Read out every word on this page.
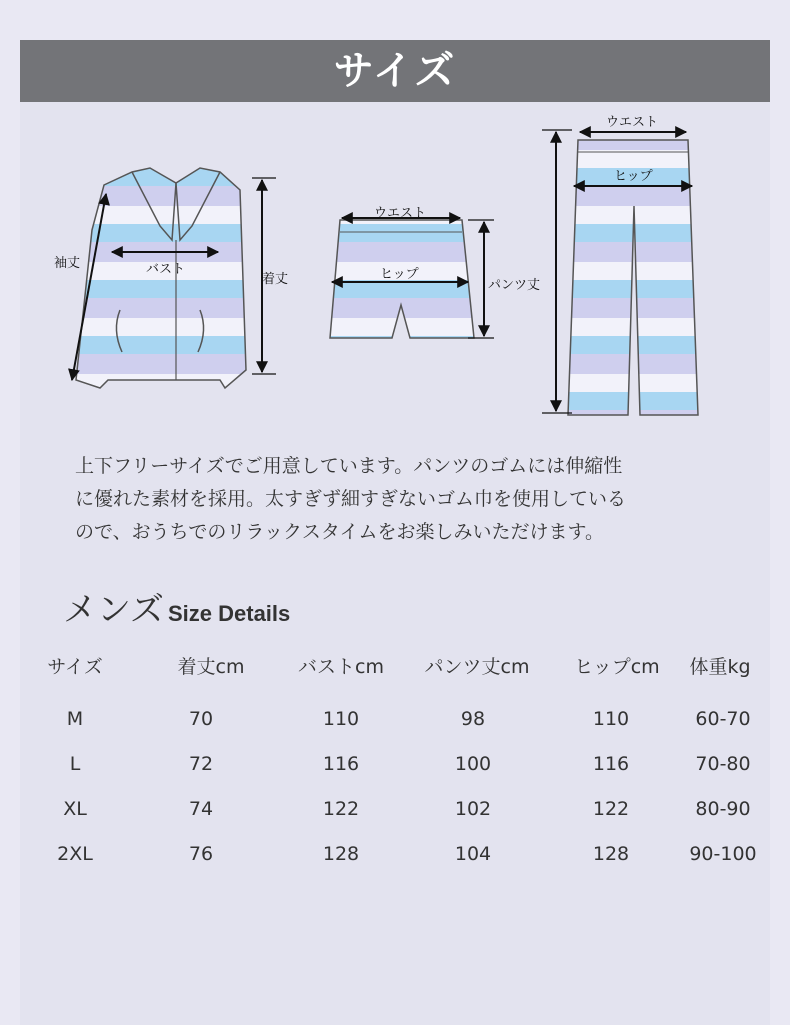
サイズ
袖丈	バスト
着丈
ウエスト
ヒップ
パンツ丈
ウエスト
ヒップ
上下フリーサイズでご用意しています。パンツのゴムには伸縮性
に優れた素材を採用。太すぎず細すぎないゴム巾を使用している
ので、おうちでのリラックスタイムをお楽しみいただけます。
メンズ Size Details
サイズ	着丈cm	バストcm	パンツ丈cm	ヒップcm	体重kg
M	70	110	98	110	60-70
L	72	116	100	116	70-80
XL	74	122	102	122	80-90
2XL	76	128	104	128	90-100
